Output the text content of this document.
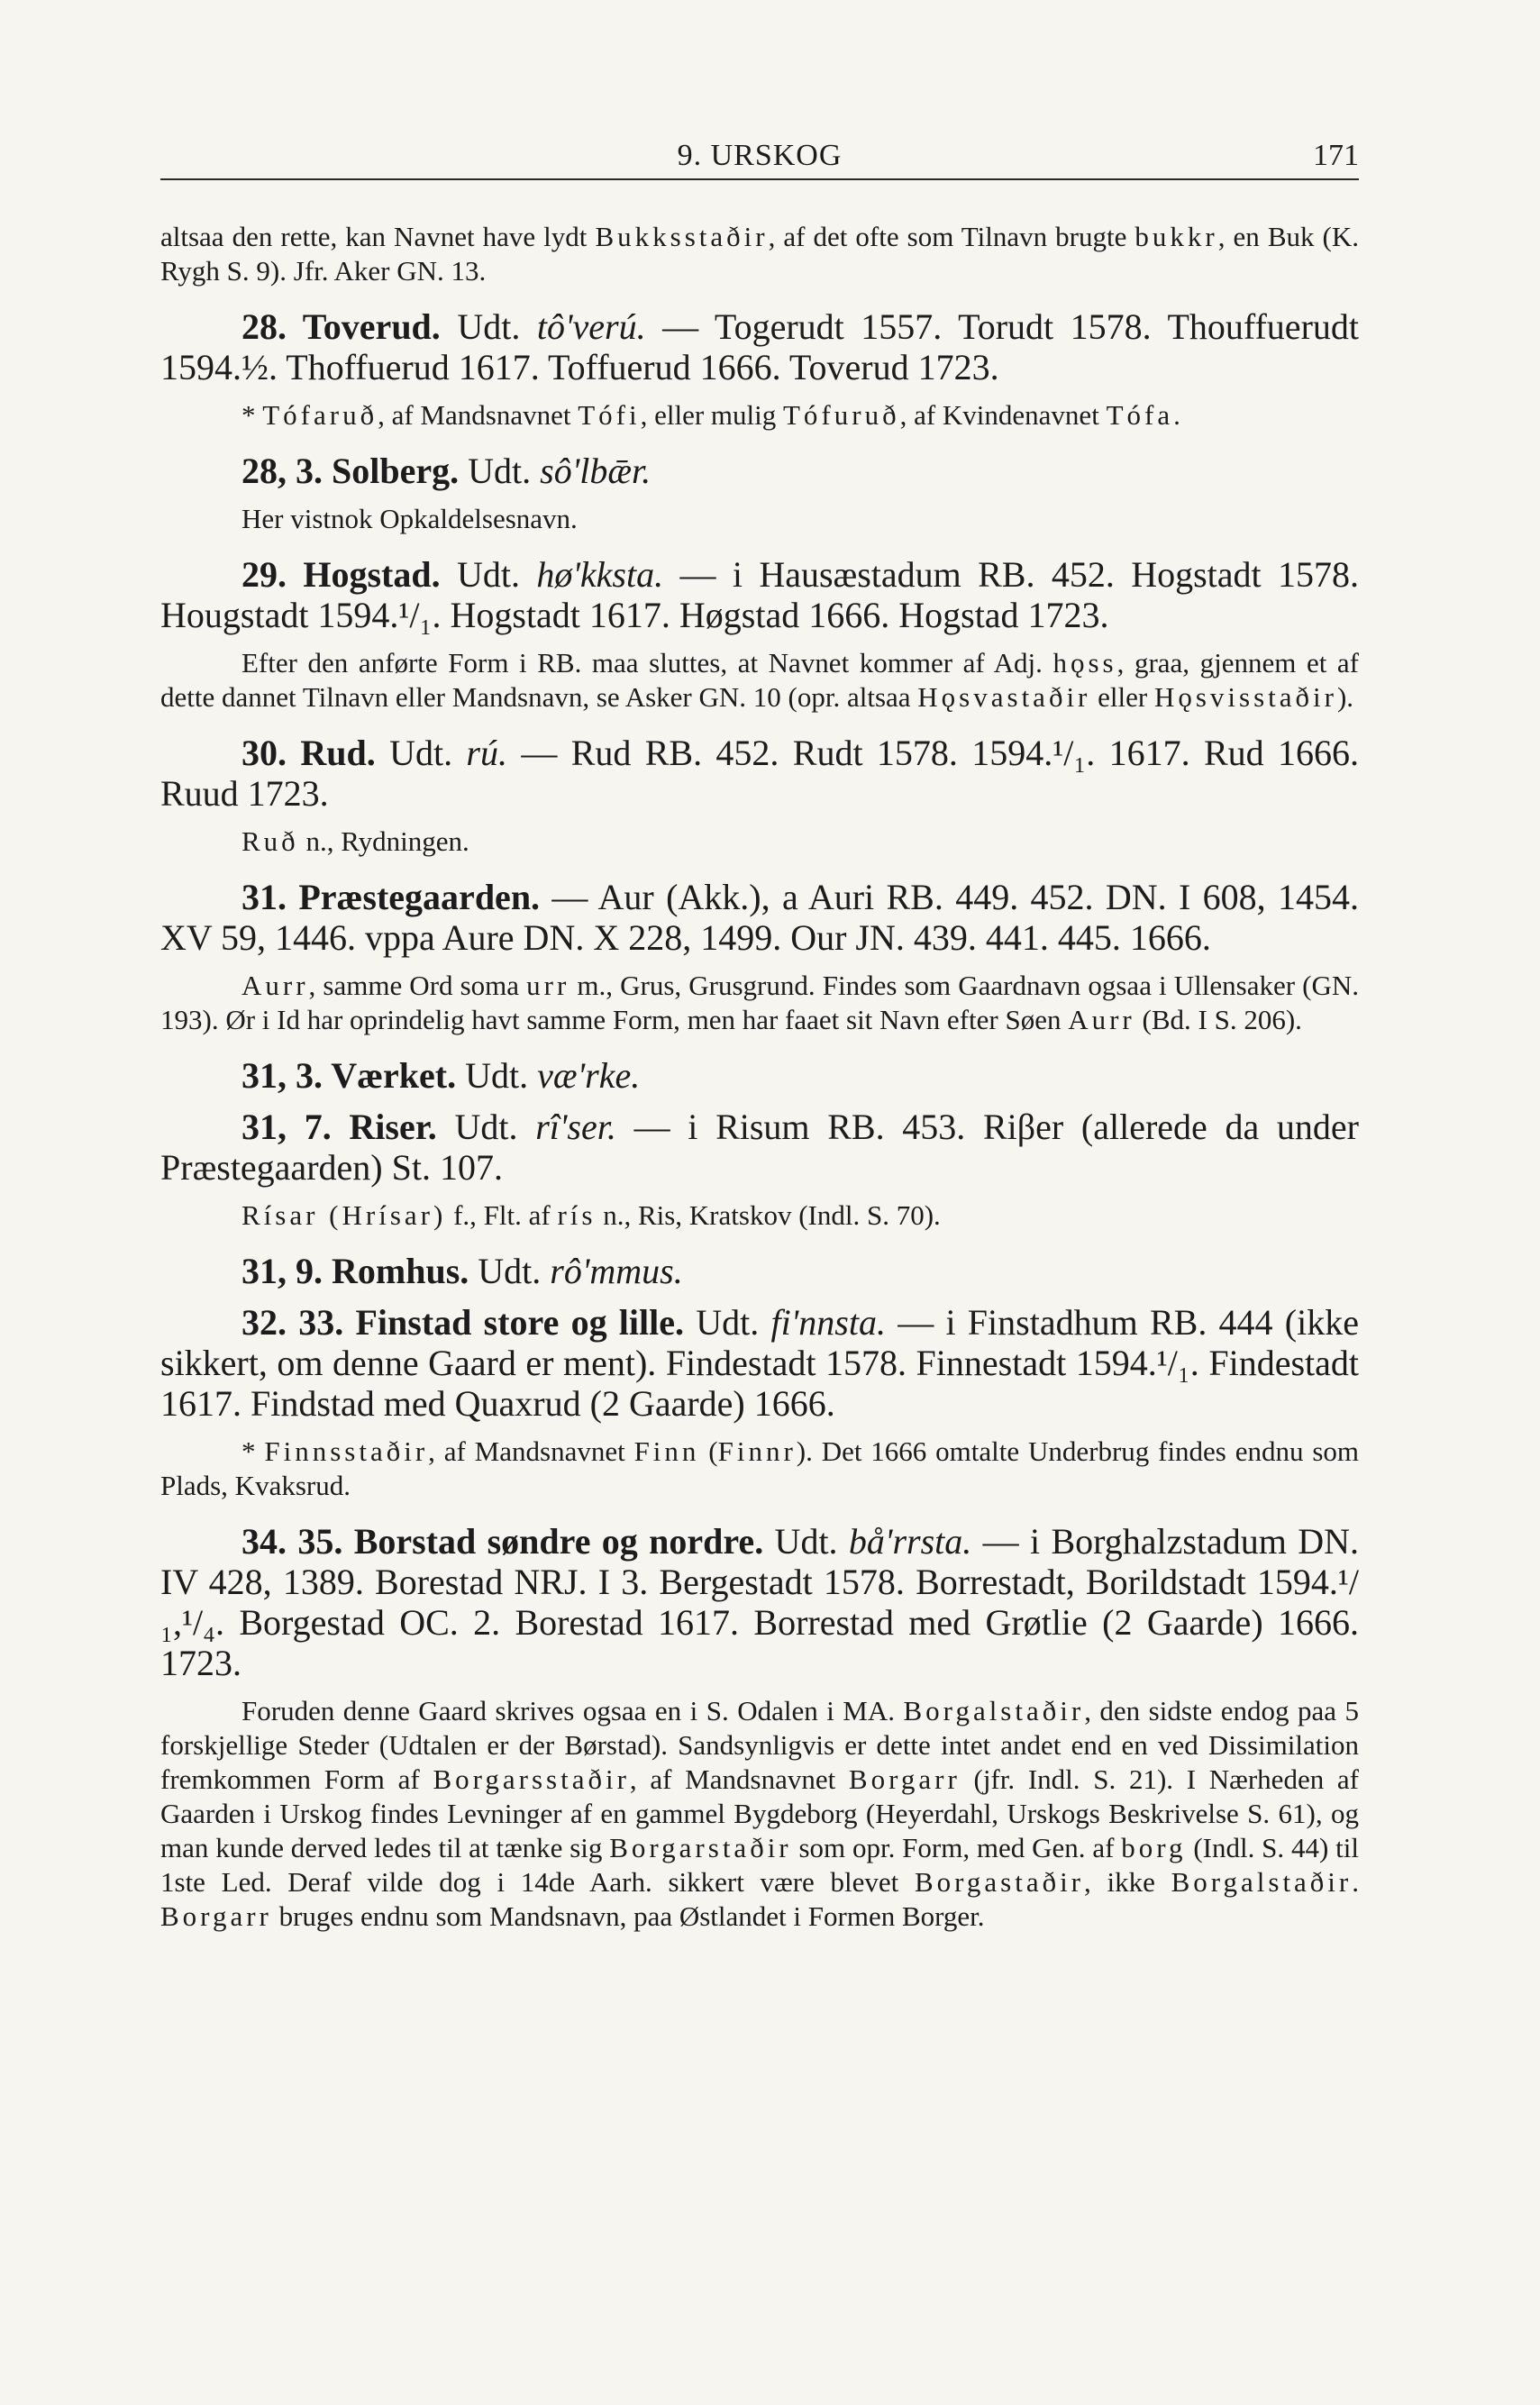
9. URSKOG	171

altsaa den rette, kan Navnet have lydt Bukksstaðir, af det ofte som Tilnavn brugte bukkr, en Buk (K. Rygh S. 9). Jfr. Aker GN. 13.

28. Toverud. Udt. tô'verú. — Togerudt 1557. Torudt 1578. Thouffuerudt 1594.½. Thoffuerud 1617. Toffuerud 1666. Toverud 1723.

* Tófaruð, af Mandsnavnet Tófi, eller mulig Tófuruð, af Kvindenavnet Tófa.

28, 3. Solberg. Udt. sô'lbǣr.

Her vistnok Opkaldelsesnavn.

29. Hogstad. Udt. hø'kksta. — i Hausæstadum RB. 452. Hogstadt 1578. Hougstadt 1594.¹/₁. Hogstadt 1617. Høgstad 1666. Hogstad 1723.

Efter den anførte Form i RB. maa sluttes, at Navnet kommer af Adj. hǫss, graa, gjennem et af dette dannet Tilnavn eller Mandsnavn, se Asker GN. 10 (opr. altsaa Hǫsvastaðir eller Hǫsvisstaðir).

30. Rud. Udt. rú. — Rud RB. 452. Rudt 1578. 1594.¹/₁. 1617. Rud 1666. Ruud 1723.

Ruð n., Rydningen.

31. Præstegaarden. — Aur (Akk.), a Auri RB. 449. 452. DN. I 608, 1454. XV 59, 1446. vppa Aure DN. X 228, 1499. Our JN. 439. 441. 445. 1666.

Aurr, samme Ord soma urr m., Grus, Grusgrund. Findes som Gaardnavn ogsaa i Ullensaker (GN. 193). Ør i Id har oprindelig havt samme Form, men har faaet sit Navn efter Søen Aurr (Bd. I S. 206).

31, 3. Værket. Udt. væ'rke.

31, 7. Riser. Udt. rî'ser. — i Risum RB. 453. Riβer (allerede da under Præstegaarden) St. 107.

Rísar (Hrísar) f., Flt. af rís n., Ris, Kratskov (Indl. S. 70).

31, 9. Romhus. Udt. rô'mmus.

32. 33. Finstad store og lille. Udt. fi'nnsta. — i Finstadhum RB. 444 (ikke sikkert, om denne Gaard er ment). Findestadt 1578. Finnestadt 1594.¹/₁. Findestadt 1617. Findstad med Quaxrud (2 Gaarde) 1666.

* Finnsstaðir, af Mandsnavnet Finn (Finnr). Det 1666 omtalte Underbrug findes endnu som Plads, Kvaksrud.

34. 35. Borstad søndre og nordre. Udt. bå'rrsta. — i Borghalzstadum DN. IV 428, 1389. Borestad NRJ. I 3. Bergestadt 1578. Borrestadt, Borildstadt 1594.¹/₁,¹/₄. Borgestad OC. 2. Borestad 1617. Borrestad med Grøtlie (2 Gaarde) 1666. 1723.

Foruden denne Gaard skrives ogsaa en i S. Odalen i MA. Borgalstaðir, den sidste endog paa 5 forskjellige Steder (Udtalen er der Børstad). Sandsynligvis er dette intet andet end en ved Dissimilation fremkommen Form af Borgarsstaðir, af Mandsnavnet Borgarr (jfr. Indl. S. 21). I Nærheden af Gaarden i Urskog findes Levninger af en gammel Bygdeborg (Heyerdahl, Urskogs Beskrivelse S. 61), og man kunde derved ledes til at tænke sig Borgarstaðir som opr. Form, med Gen. af borg (Indl. S. 44) til 1ste Led. Deraf vilde dog i 14de Aarh. sikkert være blevet Borgastaðir, ikke Borgalstaðir. Borgarr bruges endnu som Mandsnavn, paa Østlandet i Formen Borger.
